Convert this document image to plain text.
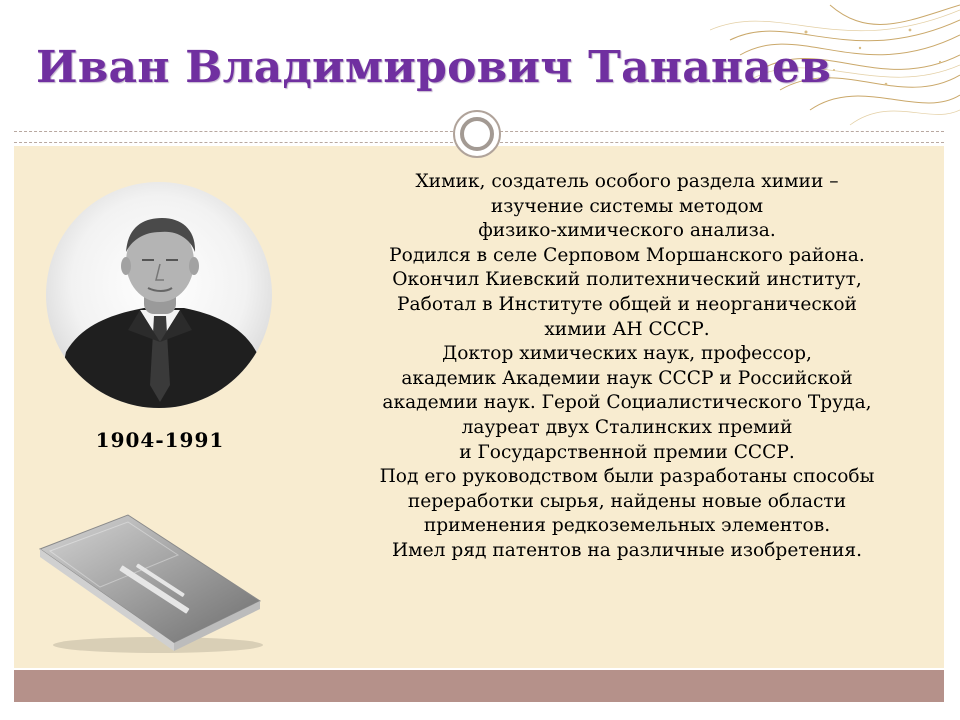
Иван Владимирович Тананаев
1904-1991
Химик, создатель особого раздела химии –
изучение системы методом
физико-химического анализа.
Родился в селе Серпово‌м Моршанского района.
Окончил Киевский политехнический институт,
Работал в Институте общей и неорганической
химии АН СССР.
Доктор химических наук, профессор,
академик Академии наук СССР и Российской
академии наук. Герой Социалистического Труда,
лауреат двух Сталинских премий
и Государственной премии СССР.
Под его руководством были разработаны способы
переработки сырья, найдены новые области
применения редкоземельных элементов.
Имел ряд патентов на различные изобретения.
